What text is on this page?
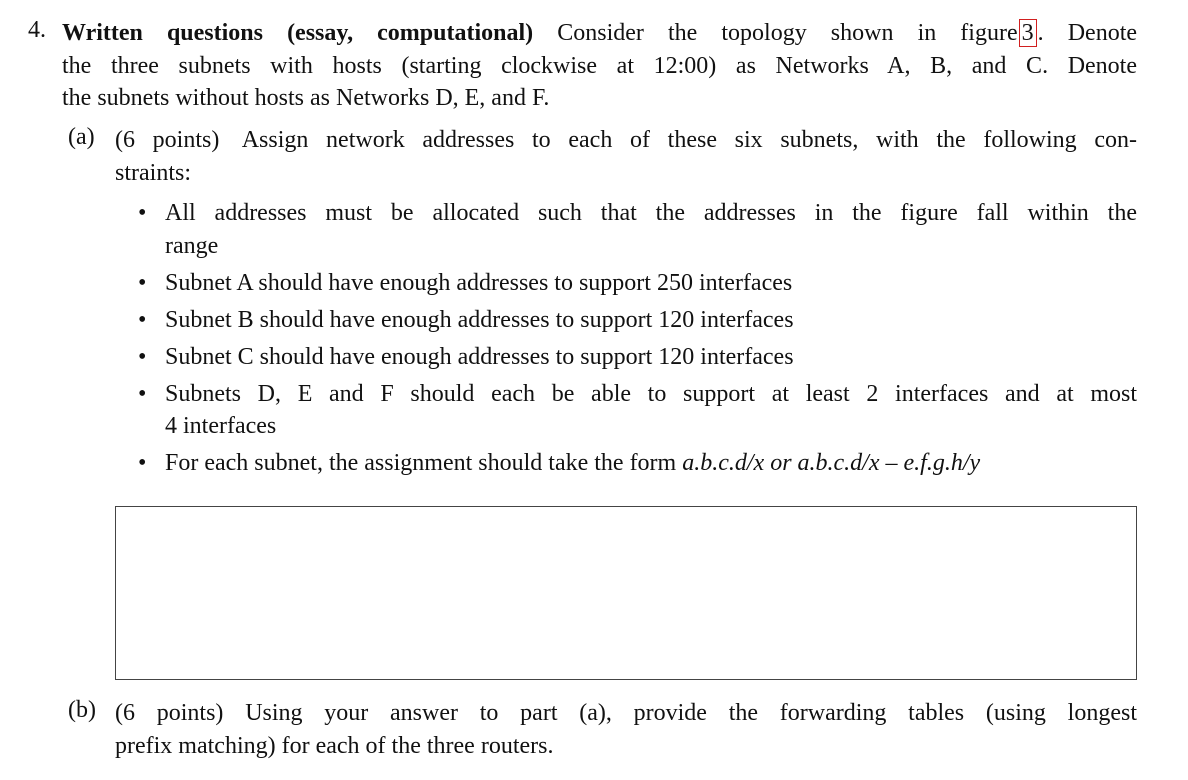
4. Written questions (essay, computational) Consider the topology shown in figure 3 . Denote
the three subnets with hosts (starting clockwise at 12:00) as Networks A, B, and C. Denote
the subnets without hosts as Networks D, E, and F.
(a) (6 points) Assign network addresses to each of these six subnets, with the following con-
straints:
• All addresses must be allocated such that the addresses in the figure fall within the
range
• Subnet A should have enough addresses to support 250 interfaces
• Subnet B should have enough addresses to support 120 interfaces
• Subnet C should have enough addresses to support 120 interfaces
• Subnets D, E and F should each be able to support at least 2 interfaces and at most
4 interfaces
• For each subnet, the assignment should take the form a.b.c.d/x or a.b.c.d/x – e.f.g.h/y
(b) (6 points) Using your answer to part (a), provide the forwarding tables (using longest
prefix matching) for each of the three routers.
